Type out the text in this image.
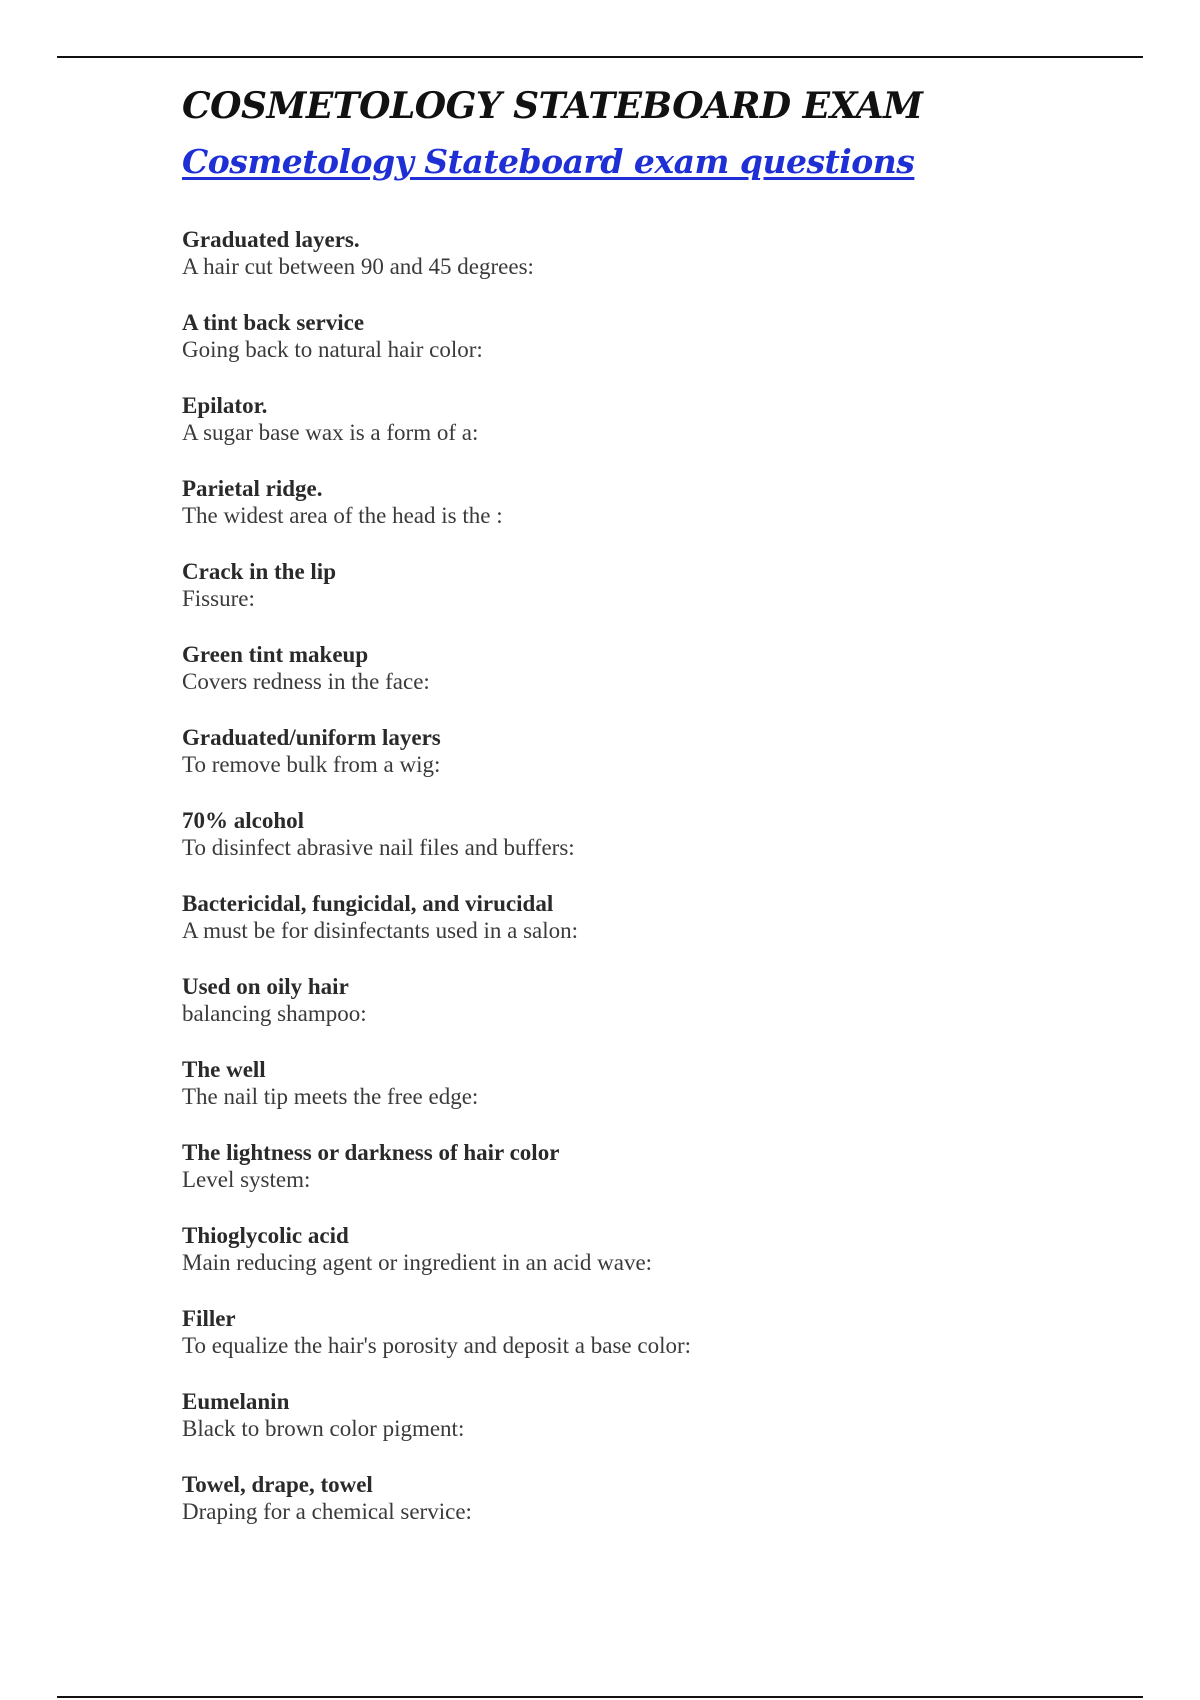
COSMETOLOGY STATEBOARD EXAM
Cosmetology Stateboard exam questions
Graduated layers.
A hair cut between 90 and 45 degrees:
A tint back service
Going back to natural hair color:
Epilator.
A sugar base wax is a form of a:
Parietal ridge.
The widest area of the head is the :
Crack in the lip
Fissure:
Green tint makeup
Covers redness in the face:
Graduated/uniform layers
To remove bulk from a wig:
70% alcohol
To disinfect abrasive nail files and buffers:
Bactericidal, fungicidal, and virucidal
A must be for disinfectants used in a salon:
Used on oily hair
balancing shampoo:
The well
The nail tip meets the free edge:
The lightness or darkness of hair color
Level system:
Thioglycolic acid
Main reducing agent or ingredient in an acid wave:
Filler
To equalize the hair's porosity and deposit a base color:
Eumelanin
Black to brown color pigment:
Towel, drape, towel
Draping for a chemical service:
